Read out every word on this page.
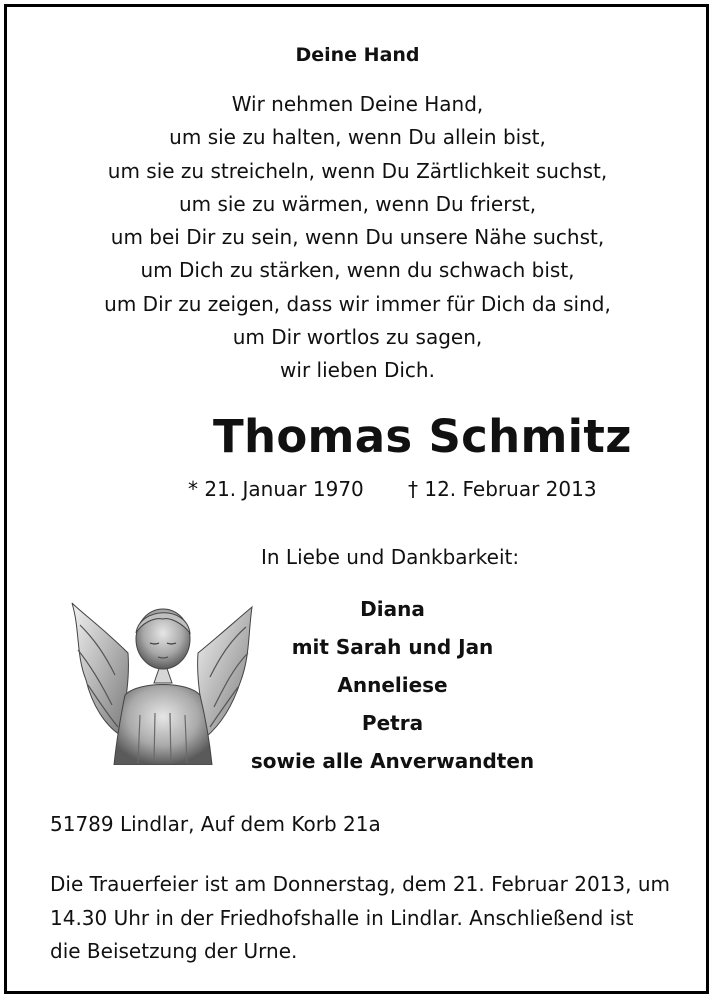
Deine Hand
Wir nehmen Deine Hand,
um sie zu halten, wenn Du allein bist,
um sie zu streicheln, wenn Du Zärtlichkeit suchst,
um sie zu wärmen, wenn Du frierst,
um bei Dir zu sein, wenn Du unsere Nähe suchst,
um Dich zu stärken, wenn du schwach bist,
um Dir zu zeigen, dass wir immer für Dich da sind,
um Dir wortlos zu sagen,
wir lieben Dich.
Thomas Schmitz
* 21. Januar 1970 † 12. Februar 2013
In Liebe und Dankbarkeit:
Diana
mit Sarah und Jan
Anneliese
Petra
sowie alle Anverwandten
51789 Lindlar, Auf dem Korb 21a
Die Trauerfeier ist am Donnerstag, dem 21. Februar 2013, um 14.30 Uhr in der Friedhofshalle in Lindlar. Anschließend ist die Beisetzung der Urne.
